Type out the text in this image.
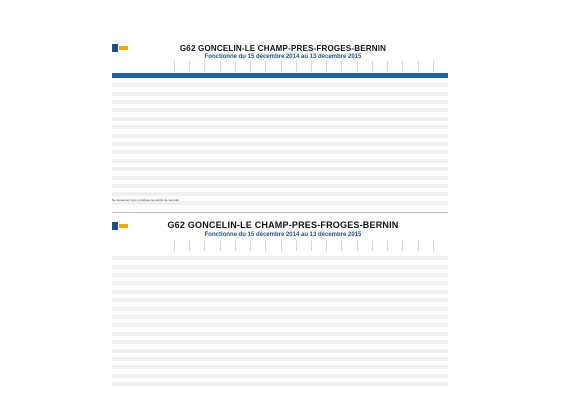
G62 GONCELIN-LE CHAMP-PRES-FROGES-BERNIN
Fonctionne du 15 décembre 2014 au 13 décembre 2015
Ne desservez qu’en pratique les arrêts de sécurité
G62 GONCELIN-LE CHAMP-PRES-FROGES-BERNIN
Fonctionne du 15 décembre 2014 au 13 décembre 2015
